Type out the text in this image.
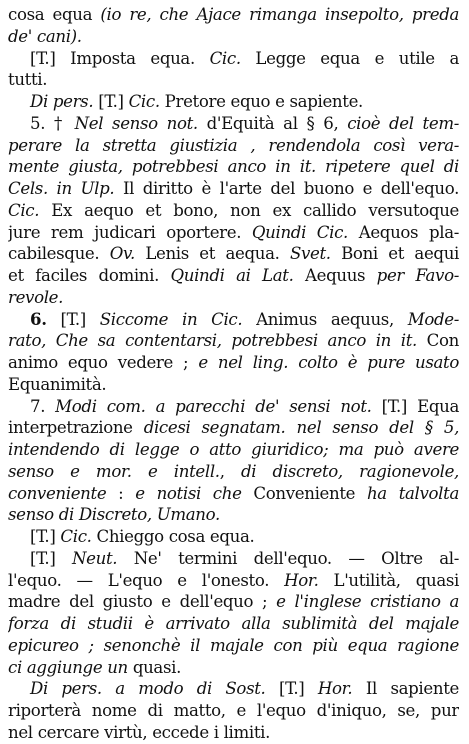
cosa equa (io re, che Ajace rimanga insepolto, preda
de' cani).
[T.] Imposta equa. Cic. Legge equa e utile a
tutti.
Di pers. [T.] Cic. Pretore equo e sapiente.
5. † Nel senso not. d'Equità al § 6, cioè del tem-
perare la stretta giustizia , rendendola così vera-
mente giusta, potrebbesi anco in it. ripetere quel di
Cels. in Ulp. Il diritto è l'arte del buono e dell'equo.
Cic. Ex aequo et bono, non ex callido versutoque
jure rem judicari oportere. Quindi Cic. Aequos pla-
cabilesque. Ov. Lenis et aequa. Svet. Boni et aequi
et faciles domini. Quindi ai Lat. Aequus per Favo-
revole.
6. [T.] Siccome in Cic. Animus aequus, Mode-
rato, Che sa contentarsi, potrebbesi anco in it. Con
animo equo vedere ; e nel ling. colto è pure usato
Equanimità.
7. Modi com. a parecchi de' sensi not. [T.] Equa
interpetrazione dicesi segnatam. nel senso del § 5,
intendendo di legge o atto giuridico; ma può avere
senso e mor. e intell., di discreto, ragionevole,
conveniente : e notisi che Conveniente ha talvolta
senso di Discreto, Umano.
[T.] Cic. Chieggo cosa equa.
[T.] Neut. Ne' termini dell'equo. — Oltre al-
l'equo. — L'equo e l'onesto. Hor. L'utilità, quasi
madre del giusto e dell'equo ; e l'inglese cristiano a
forza di studii è arrivato alla sublimità del majale
epicureo ; senonchè il majale con più equa ragione
ci aggiunge un quasi.
Di pers. a modo di Sost. [T.] Hor. Il sapiente
riporterà nome di matto, e l'equo d'iniquo, se, pur
nel cercare virtù, eccede i limiti.
